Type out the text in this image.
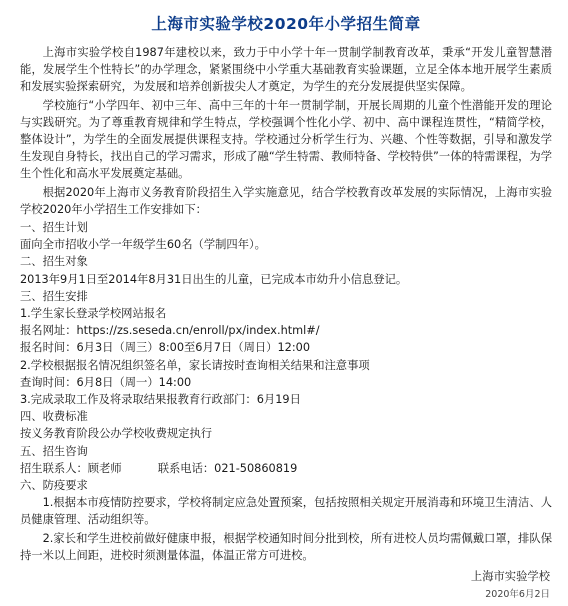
上海市实验学校2020年小学招生简章

上海市实验学校自1987年建校以来，致力于中小学十年一贯制学制教育改革，秉承“开发儿童智慧潜能，发展学生个性特长”的办学理念，紧紧围绕中小学重大基础教育实验课题，立足全体本地开展学生素质和发展实验探索研究，为发展和培养创新拔尖人才奠定，为学生的充分发展提供坚实保障。

学校施行“小学四年、初中三年、高中三年的十年一贯制学制，开展长周期的儿童个性潜能开发的理论与实践研究。为了尊重教育规律和学生特点，学校强调个性化小学、初中、高中课程连贯性，“精简学校，整体设计”，为学生的全面发展提供课程支持。学校通过分析学生行为、兴趣、个性等数据，引导和激发学生发现自身特长，找出自己的学习需求，形成了融“学生特需、教师特备、学校特供”一体的特需课程，为学生个性化和高水平发展奠定基础。

根据2020年上海市义务教育阶段招生入学实施意见，结合学校教育改革发展的实际情况，上海市实验学校2020年小学招生工作安排如下：

一、招生计划
面向全市招收小学一年级学生60名（学制四年）。
二、招生对象
2013年9月1日至2014年8月31日出生的儿童，已完成本市幼升小信息登记。
三、招生安排
1.学生家长登录学校网站报名
报名网址：https://zs.seseda.cn/enroll/px/index.html#/
报名时间：6月3日（周三）8:00至6月7日（周日）12:00
2.学校根据报名情况组织签名单，家长请按时查询相关结果和注意事项
查询时间：6月8日（周一）14:00
3.完成录取工作及将录取结果报教育行政部门：6月19日
四、收费标准
按义务教育阶段公办学校收费规定执行
五、招生咨询
招生联系人：顾老师	联系电话：021-50860819
六、防疫要求

1.根据本市疫情防控要求，学校将制定应急处置预案，包括按照相关规定开展消毒和环境卫生清洁、人员健康管理、活动组织等。

2.家长和学生进校前做好健康申报，根据学校通知时间分批到校，所有进校人员均需佩戴口罩，排队保持一米以上间距，进校时须测量体温，体温正常方可进校。

上海市实验学校
2020年6月2日
